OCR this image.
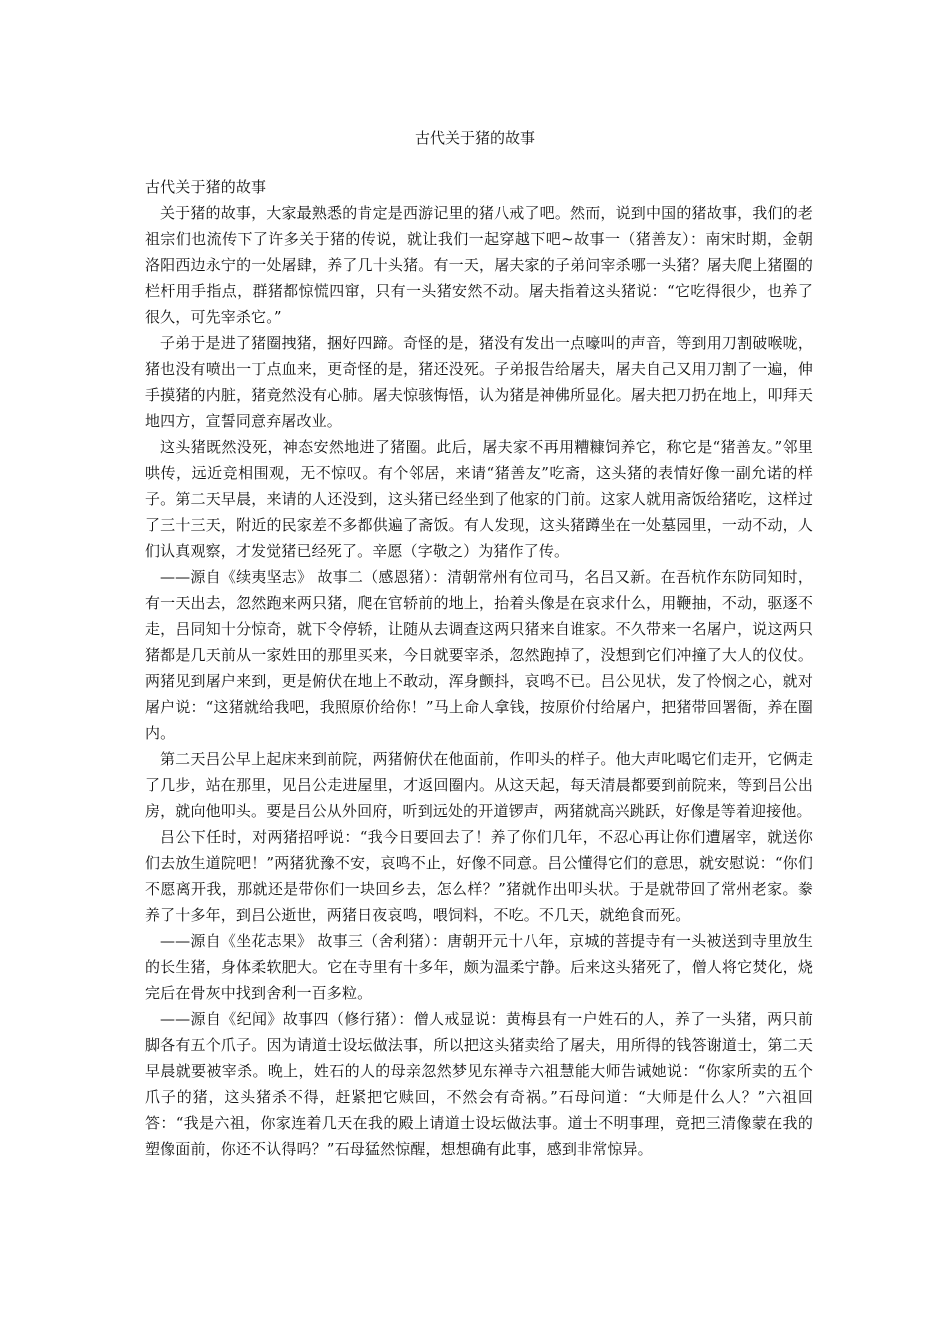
古代关于猪的故事

古代关于猪的故事

关于猪的故事，大家最熟悉的肯定是西游记里的猪八戒了吧。然而，说到中国的猪故事，我们的老祖宗们也流传下了许多关于猪的传说，就让我们一起穿越下吧~故事一（猪善友）：南宋时期，金朝洛阳西边永宁的一处屠肆，养了几十头猪。有一天，屠夫家的子弟问宰杀哪一头猪？屠夫爬上猪圈的栏杆用手指点，群猪都惊慌四窜，只有一头猪安然不动。屠夫指着这头猪说：“它吃得很少，也养了很久，可先宰杀它。”

子弟于是进了猪圈拽猪，捆好四蹄。奇怪的是，猪没有发出一点嚎叫的声音，等到用刀割破喉咙，猪也没有喷出一丁点血来，更奇怪的是，猪还没死。子弟报告给屠夫，屠夫自己又用刀割了一遍，伸手摸猪的内脏，猪竟然没有心肺。屠夫惊骇悔悟，认为猪是神佛所显化。屠夫把刀扔在地上，叩拜天地四方，宣誓同意弃屠改业。

这头猪既然没死，神态安然地进了猪圈。此后，屠夫家不再用糟糠饲养它，称它是“猪善友。”邻里哄传，远近竞相围观，无不惊叹。有个邻居，来请“猪善友”吃斋，这头猪的表情好像一副允诺的样子。第二天早晨，来请的人还没到，这头猪已经坐到了他家的门前。这家人就用斋饭给猪吃，这样过了三十三天，附近的民家差不多都供遍了斋饭。有人发现，这头猪蹲坐在一处墓园里，一动不动，人们认真观察，才发觉猪已经死了。辛愿（字敬之）为猪作了传。

——源自《续夷坚志》 故事二（感恩猪）：清朝常州有位司马，名吕又新。在吾杭作东防同知时，有一天出去，忽然跑来两只猪，爬在官轿前的地上，抬着头像是在哀求什么，用鞭抽，不动，驱逐不走，吕同知十分惊奇，就下令停轿，让随从去调查这两只猪来自谁家。不久带来一名屠户，说这两只猪都是几天前从一家姓田的那里买来，今日就要宰杀，忽然跑掉了，没想到它们冲撞了大人的仪仗。两猪见到屠户来到，更是俯伏在地上不敢动，浑身颤抖，哀鸣不已。吕公见状，发了怜悯之心，就对屠户说：“这猪就给我吧，我照原价给你！”马上命人拿钱，按原价付给屠户，把猪带回署衙，养在圈内。

第二天吕公早上起床来到前院，两猪俯伏在他面前，作叩头的样子。他大声叱喝它们走开，它俩走了几步，站在那里，见吕公走进屋里，才返回圈内。从这天起，每天清晨都要到前院来，等到吕公出房，就向他叩头。要是吕公从外回府，听到远处的开道锣声，两猪就高兴跳跃，好像是等着迎接他。

吕公下任时，对两猪招呼说：“我今日要回去了！养了你们几年，不忍心再让你们遭屠宰，就送你们去放生道院吧！”两猪犹豫不安，哀鸣不止，好像不同意。吕公懂得它们的意思，就安慰说：“你们不愿离开我，那就还是带你们一块回乡去，怎么样？”猪就作出叩头状。于是就带回了常州老家。豢养了十多年，到吕公逝世，两猪日夜哀鸣，喂饲料，不吃。不几天，就绝食而死。

——源自《坐花志果》 故事三（舍利猪）：唐朝开元十八年，京城的菩提寺有一头被送到寺里放生的长生猪，身体柔软肥大。它在寺里有十多年，颇为温柔宁静。后来这头猪死了，僧人将它焚化，烧完后在骨灰中找到舍利一百多粒。

——源自《纪闻》故事四（修行猪）：僧人戒显说：黄梅县有一户姓石的人，养了一头猪，两只前脚各有五个爪子。因为请道士设坛做法事，所以把这头猪卖给了屠夫，用所得的钱答谢道士，第二天早晨就要被宰杀。晚上，姓石的人的母亲忽然梦见东禅寺六祖慧能大师告诫她说：“你家所卖的五个爪子的猪，这头猪杀不得，赶紧把它赎回，不然会有奇祸。”石母问道：“大师是什么人？”六祖回答：“我是六祖，你家连着几天在我的殿上请道士设坛做法事。道士不明事理，竟把三清像蒙在我的塑像面前，你还不认得吗？”石母猛然惊醒，想想确有此事，感到非常惊异。
